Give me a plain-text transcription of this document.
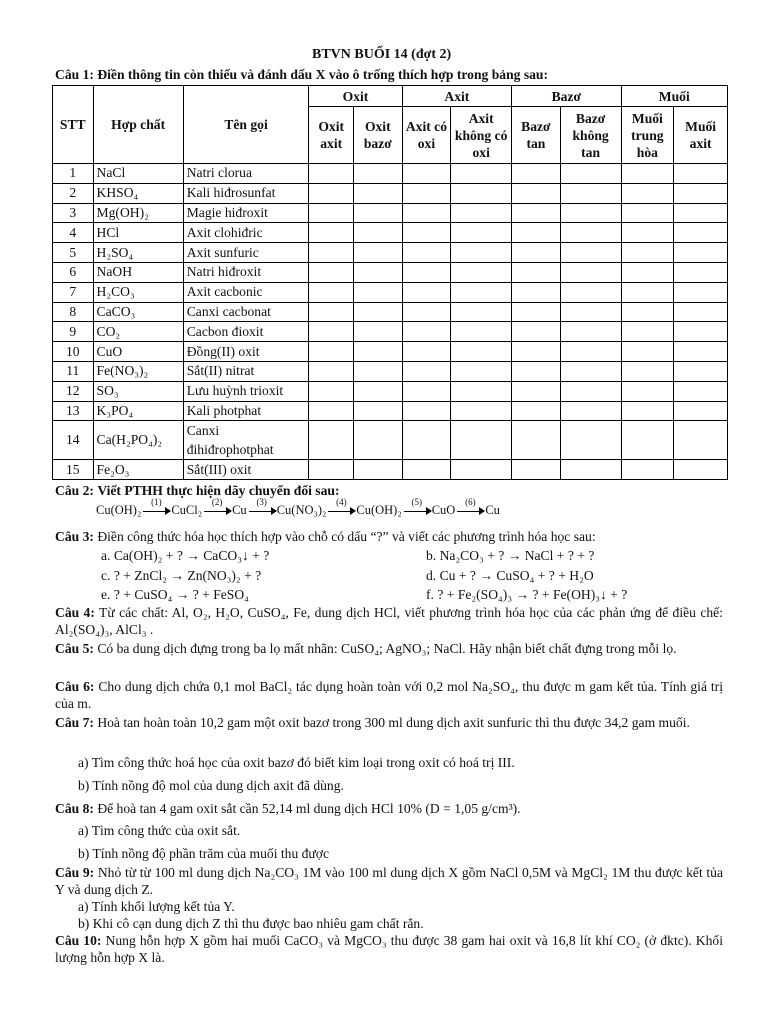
BTVN BUỔI 14 (đợt 2)
Câu 1: Điền thông tin còn thiếu và đánh dấu X vào ô trống thích hợp trong bảng sau:
STT	Hợp chất	Tên gọi	Oxit		Axit		Bazơ		Muối	
			Oxit axit	Oxit bazơ	Axit có oxi	Axit không có oxi	Bazơ tan	Bazơ không tan	Muối trung hòa	Muối axit
1	NaCl	Natri clorua								
2	KHSO₄	Kali hiđrosunfat								
3	Mg(OH)₂	Magie hiđroxit								
4	HCl	Axit clohiđric								
5	H₂SO₄	Axit sunfuric								
6	NaOH	Natri hiđroxit								
7	H₂CO₃	Axit cacbonic								
8	CaCO₃	Canxi cacbonat								
9	CO₂	Cacbon đioxit								
10	CuO	Đồng(II) oxit								
11	Fe(NO₃)₂	Sắt(II) nitrat								
12	SO₃	Lưu huỳnh trioxit								
13	K₃PO₄	Kali photphat								
14	Ca(H₂PO₄)₂	Canxi đihiđrophotphat								
15	Fe₂O₃	Sắt(III) oxit								
Câu 2: Viết PTHH thực hiện dãy chuyển đổi sau:
Cu(OH)₂
(1)
CuCl₂
(2)
Cu
(3)
Cu(NO₃)₂
(4)
Cu(OH)₂
(5)
CuO
(6)
Cu
Câu 3: Điền công thức hóa học thích hợp vào chỗ có dấu “?” và viết các phương trình hóa học sau:
a. Ca(OH)₂ + ? → CaCO₃↓ + ?	b. Na₂CO₃ + ? → NaCl + ? + ?
c. ? + ZnCl₂ → Zn(NO₃)₂ + ?	d. Cu + ? → CuSO₄ + ? + H₂O
e. ? + CuSO₄ → ? + FeSO₄	f. ? + Fe₂(SO₄)₃ → ? + Fe(OH)₃↓ + ?
Câu 4: Từ các chất: Al, O₂, H₂O, CuSO₄, Fe, dung dịch HCl, viết phương trình hóa học của các phản ứng để điều chế: Al₂(SO₄)₃, AlCl₃ .
Câu 5: Có ba dung dịch đựng trong ba lọ mất nhãn: CuSO₄; AgNO₃; NaCl. Hãy nhận biết chất đựng trong mỗi lọ.
Câu 6: Cho dung dịch chứa 0,1 mol BaCl₂ tác dụng hoàn toàn với 0,2 mol Na₂SO₄, thu được m gam kết tủa. Tính giá trị của m.
Câu 7: Hoà tan hoàn toàn 10,2 gam một oxit bazơ trong 300 ml dung dịch axit sunfuric thì thu được 34,2 gam muối.
a) Tìm công thức hoá học của oxit bazơ đó biết kim loại trong oxit có hoá trị III.
b) Tính nồng độ mol của dung dịch axit đã dùng.
Câu 8: Để hoà tan 4 gam oxit sắt cần 52,14 ml dung dịch HCl 10% (D = 1,05 g/cm³).
a) Tìm công thức của oxit sắt.
b) Tính nồng độ phần trăm của muối thu được
Câu 9: Nhỏ từ từ 100 ml dung dịch Na₂CO₃ 1M vào 100 ml dung dịch X gồm NaCl 0,5M và MgCl₂ 1M thu được kết tủa Y và dung dịch Z.
a) Tính khối lượng kết tủa Y.
b) Khi cô cạn dung dịch Z thì thu được bao nhiêu gam chất rắn.
Câu 10: Nung hỗn hợp X gồm hai muối CaCO₃ và MgCO₃ thu được 38 gam hai oxit và 16,8 lít khí CO₂ (ở đktc). Khối lượng hỗn hợp X là.
